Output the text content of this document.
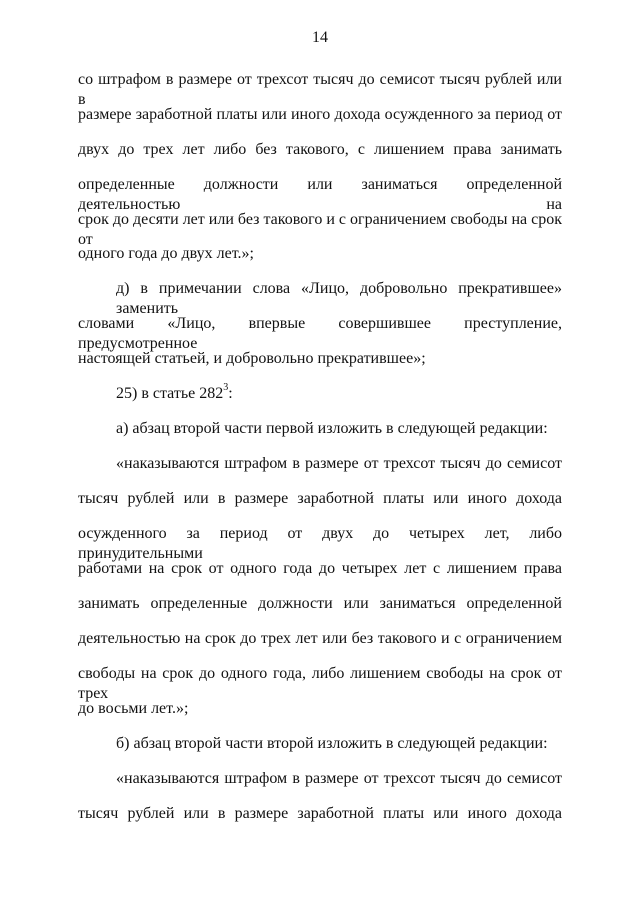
14
со штрафом в размере от трехсот тысяч до семисот тысяч рублей или в
размере заработной платы или иного дохода осужденного за период от
двух до трех лет либо без такового, с лишением права занимать
определенные должности или заниматься определенной деятельностью на
срок до десяти лет или без такового и с ограничением свободы на срок от
одного года до двух лет.»;
д) в примечании слова «Лицо, добровольно прекратившее» заменить
словами «Лицо, впервые совершившее преступление, предусмотренное
настоящей статьей, и добровольно прекратившее»;
25) в статье $282^3$:
а) абзац второй части первой изложить в следующей редакции:
«наказываются штрафом в размере от трехсот тысяч до семисот
тысяч рублей или в размере заработной платы или иного дохода
осужденного за период от двух до четырех лет, либо принудительными
работами на срок от одного года до четырех лет с лишением права
занимать определенные должности или заниматься определенной
деятельностью на срок до трех лет или без такового и с ограничением
свободы на срок до одного года, либо лишением свободы на срок от трех
до восьми лет.»;
б) абзац второй части второй изложить в следующей редакции:
«наказываются штрафом в размере от трехсот тысяч до семисот
тысяч рублей или в размере заработной платы или иного дохода
